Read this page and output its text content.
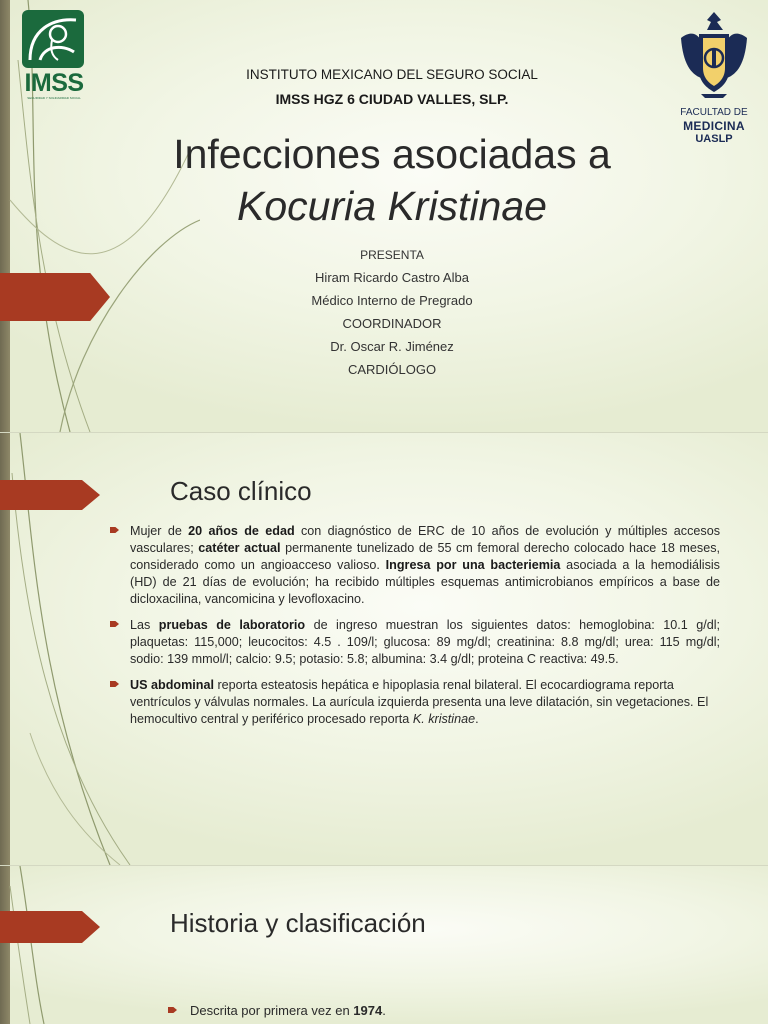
IMSS
SEGURIDAD Y SOLIDARIDAD SOCIAL
FACULTAD DE
MEDICINA
UASLP
INSTITUTO MEXICANO DEL SEGURO SOCIAL
IMSS HGZ 6 CIUDAD VALLES, SLP.
Infecciones asociadas a
Kocuria Kristinae
PRESENTA
Hiram Ricardo Castro Alba
Médico Interno de Pregrado
COORDINADOR
Dr. Oscar R. Jiménez
CARDIÓLOGO
Caso clínico

Mujer de 20 años de edad con diagnóstico de ERC de 10 años de evolución y múltiples accesos vasculares; catéter actual permanente tunelizado de 55 cm femoral derecho colocado hace 18 meses, considerado como un angioacceso valioso. Ingresa por una bacteriemia asociada a la hemodiálisis (HD) de 21 días de evolución; ha recibido múltiples esquemas antimicrobianos empíricos a base de dicloxacilina, vancomicina y levofloxacino.

Las pruebas de laboratorio de ingreso muestran los siguientes datos: hemoglobina: 10.1 g/dl; plaquetas: 115,000; leucocitos: 4.5 . 109/l; glucosa: 89 mg/dl; creatinina: 8.8 mg/dl; urea: 115 mg/dl; sodio: 139 mmol/l; calcio: 9.5; potasio: 5.8; albumina: 3.4 g/dl; proteina C reactiva: 49.5.

US abdominal reporta esteatosis hepática e hipoplasia renal bilateral. El ecocardiograma reporta ventrículos y válvulas normales. La aurícula izquierda presenta una leve dilatación, sin vegetaciones. El hemocultivo central y periférico procesado reporta K. kristinae.

Historia y clasificación

Descrita por primera vez en 1974.
